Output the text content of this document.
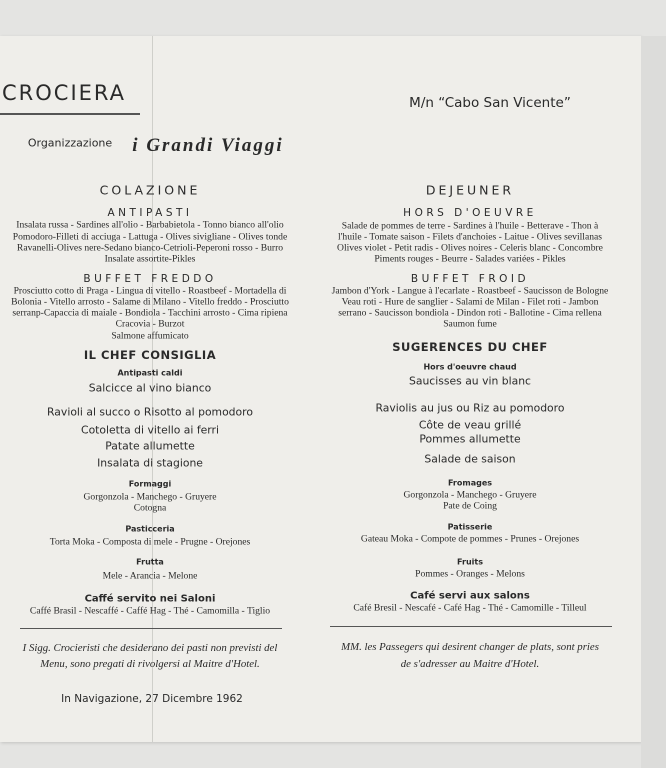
CROCIERA
Organizzazione i Grandi Viaggi
M/n “Cabo San Vicente”
COLAZIONE
ANTIPASTI
Insalata russa - Sardines all'olio - Barbabietola - Tonno bianco all'olio
Pomodoro-Filleti di acciuga - Lattuga - Olives sivigliane - Olives tonde
Ravanelli-Olives nere-Sedano bianco-Cetrioli-Peperoni rosso - Burro
Insalate assortite-Pikles
BUFFET FREDDO
Prosciutto cotto di Praga - Lingua di vitello - Roastbeef - Mortadella di
Bolonia - Vitello arrosto - Salame di Milano - Vitello freddo - Prosciutto
serranp-Capaccia di maiale - Bondiola - Tacchini arrosto - Cima ripiena
Cracovia - Burzot
Salmone affumicato
IL CHEF CONSIGLIA
Antipasti caldi
Salcicce al vino bianco
Ravioli al succo o Risotto al pomodoro
Cotoletta di vitello ai ferri
Patate allumette
Insalata di stagione
Formaggi
Gorgonzola - Manchego - Gruyere
Cotogna
Pasticceria
Torta Moka - Composta di mele - Prugne - Orejones
Frutta
Mele - Arancia - Melone
Caffé servito nei Saloni
Caffé Brasil - Nescaffé - Caffé Hag - Thé - Camomilla - Tiglio
I Sigg. Crocieristi che desiderano dei pasti non previsti del
Menu, sono pregati di rivolgersi al Maitre d'Hotel.
In Navigazione, 27 Dicembre 1962
DEJEUNER
HORS D'OEUVRE
Salade de pommes de terre - Sardines à l'huile - Betterave - Thon à
l'huile - Tomate saison - Filets d'anchoies - Laitue - Olives sevillanas
Olives violet - Petit radis - Olives noires - Celeris blanc - Concombre
Piments rouges - Beurre - Salades variées - Pikles
BUFFET FROID
Jambon d'York - Langue à l'ecarlate - Roastbeef - Saucisson de Bologne
Veau roti - Hure de sanglier - Salami de Milan - Filet roti - Jambon
serrano - Saucisson bondiola - Dindon roti - Ballotine - Cima rellena
Saumon fume
SUGERENCES DU CHEF
Hors d'oeuvre chaud
Saucisses au vin blanc
Raviolis au jus ou Riz au pomodoro
Côte de veau grillé
Pommes allumette
Salade de saison
Fromages
Gorgonzola - Manchego - Gruyere
Pate de Coing
Patisserie
Gateau Moka - Compote de pommes - Prunes - Orejones
Fruits
Pommes - Oranges - Melons
Café servi aux salons
Café Bresil - Nescafé - Café Hag - Thé - Camomille - Tilleul
MM. les Passegers qui desirent changer de plats, sont pries
de s'adresser au Maitre d'Hotel.
